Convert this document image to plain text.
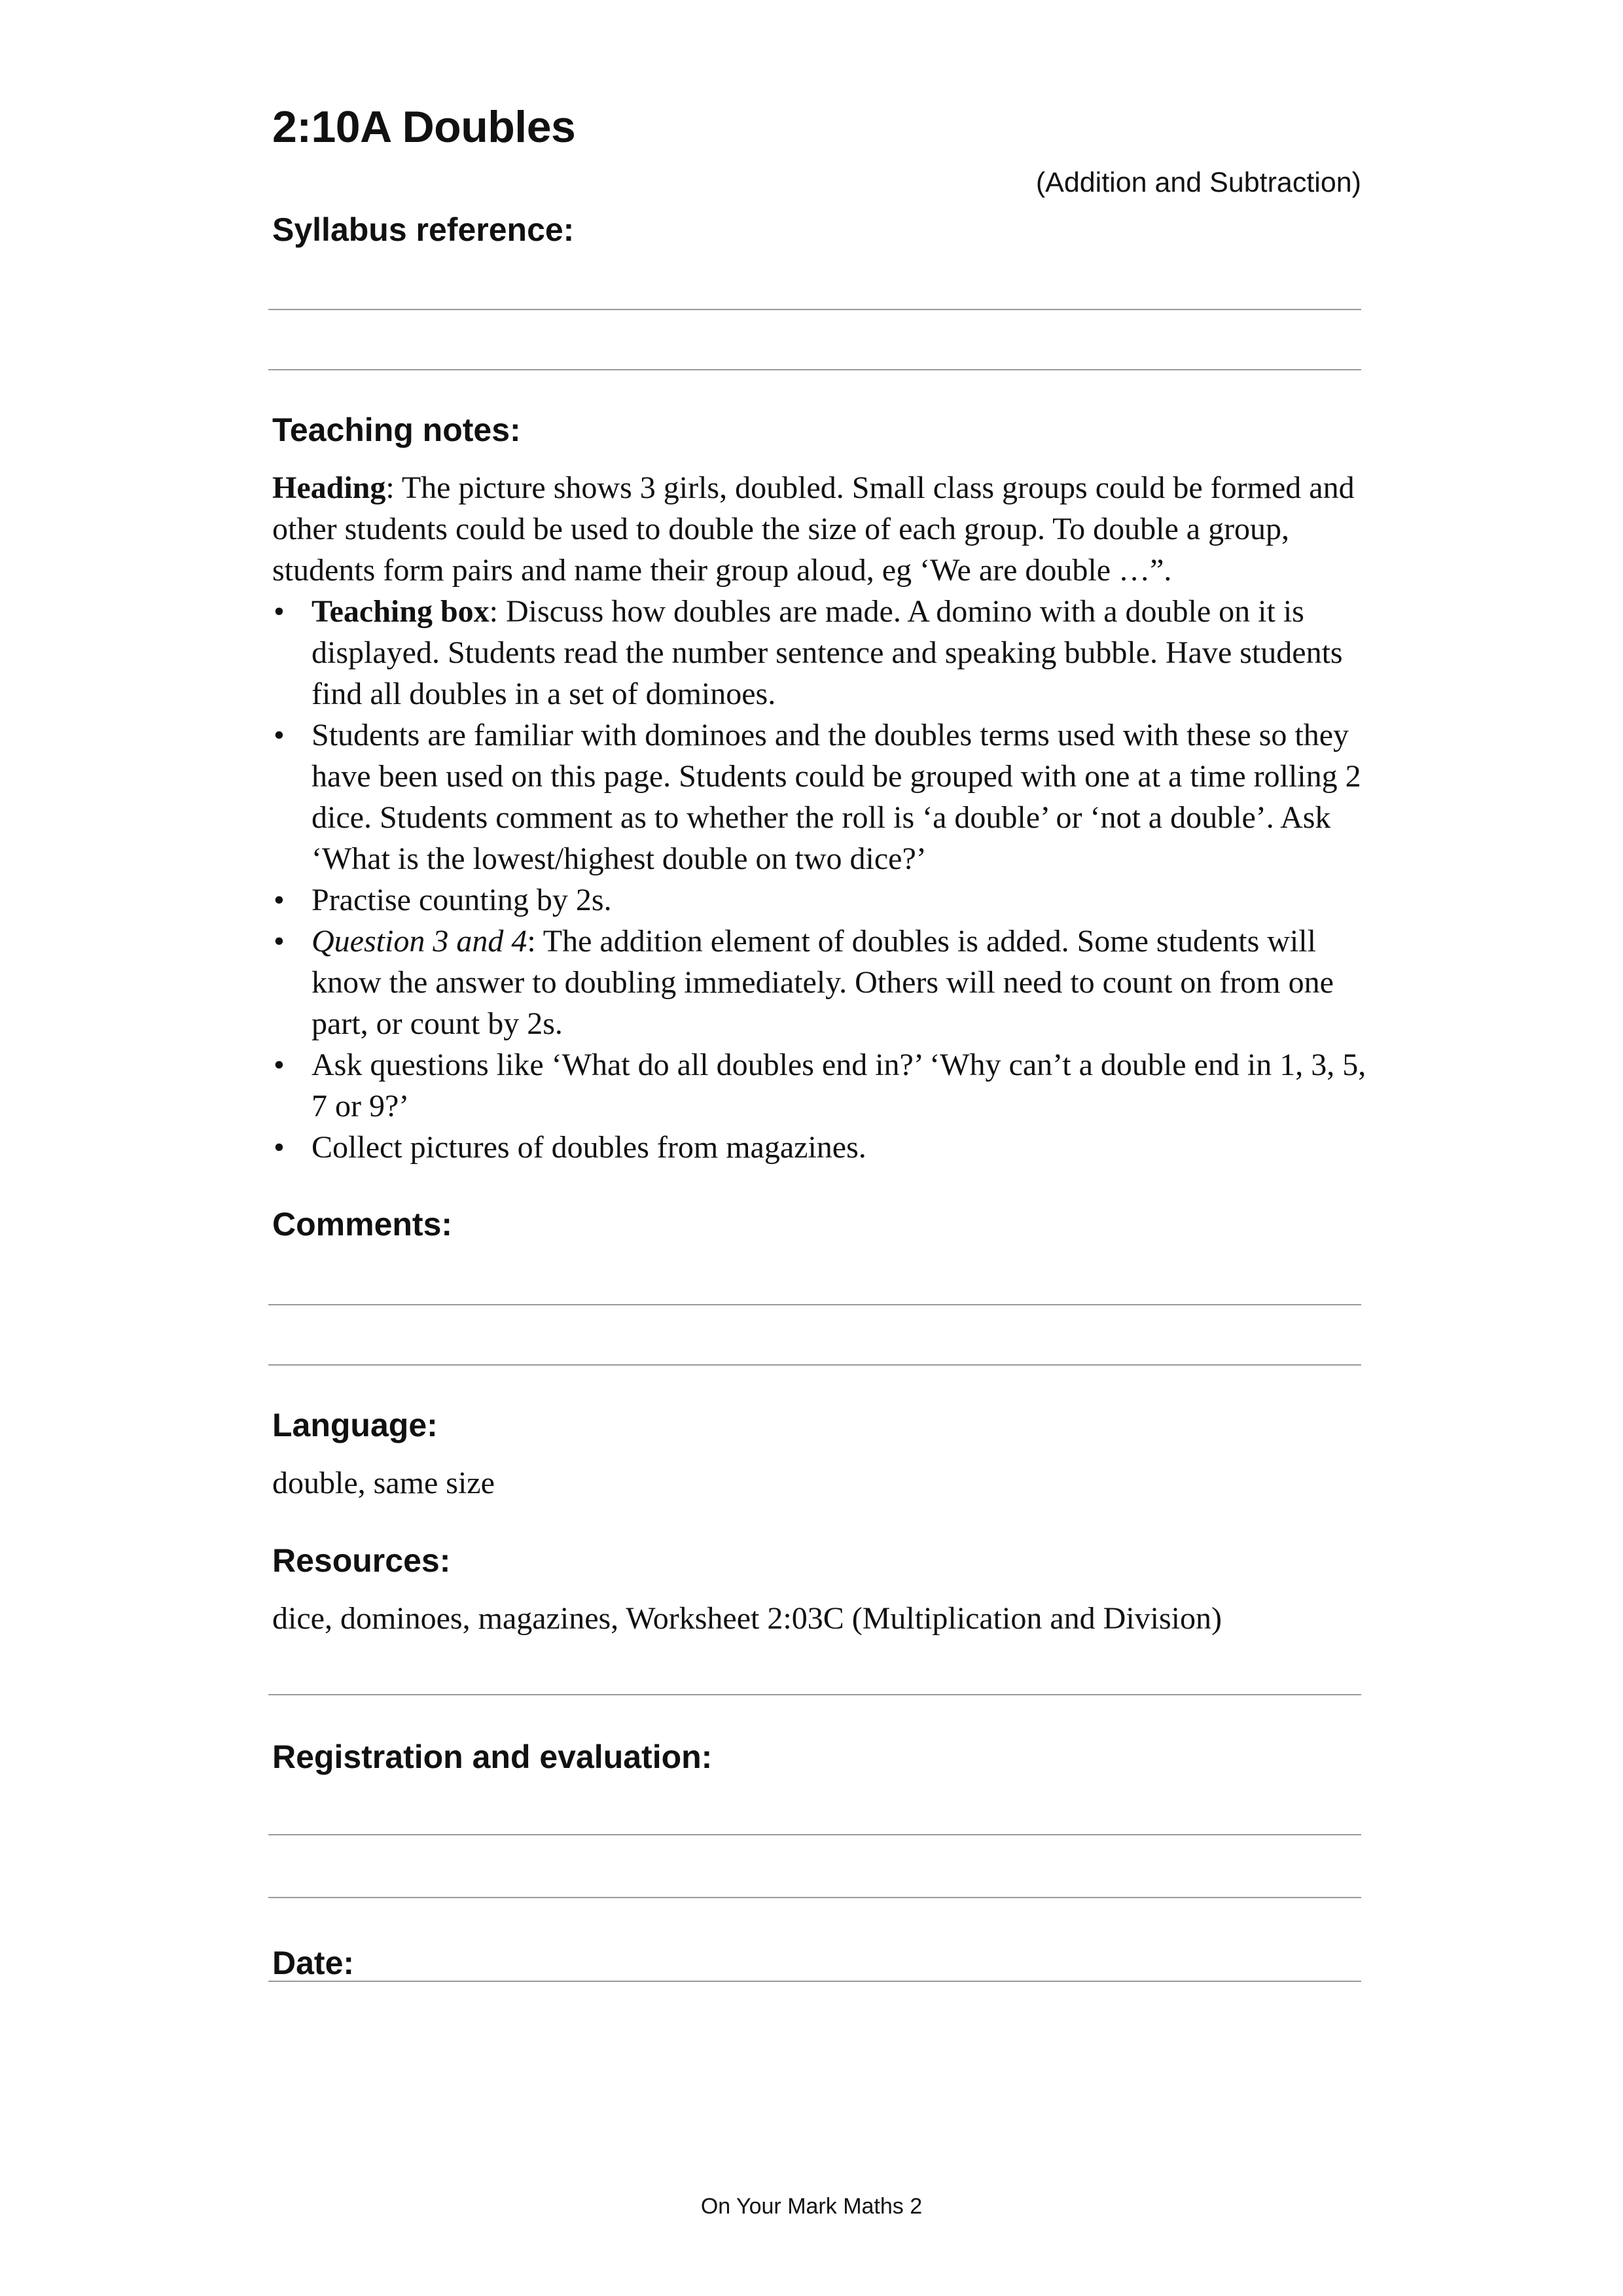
2:10A Doubles
(Addition and Subtraction)
Syllabus reference:
Teaching notes:

Heading: The picture shows 3 girls, doubled. Small class groups could be formed and other students could be used to double the size of each group. To double a group, students form pairs and name their group aloud, eg ‘We are double …”.

• Teaching box: Discuss how doubles are made. A domino with a double on it is displayed. Students read the number sentence and speaking bubble. Have students find all doubles in a set of dominoes.
• Students are familiar with dominoes and the doubles terms used with these so they have been used on this page. Students could be grouped with one at a time rolling 2 dice. Students comment as to whether the roll is ‘a double’ or ‘not a double’. Ask ‘What is the lowest/highest double on two dice?’
• Practise counting by 2s.
• Question 3 and 4: The addition element of doubles is added. Some students will know the answer to doubling immediately. Others will need to count on from one part, or count by 2s.
• Ask questions like ‘What do all doubles end in?’ ‘Why can’t a double end in 1, 3, 5, 7 or 9?’
• Collect pictures of doubles from magazines.
Comments:
Language:
double, same size
Resources:
dice, dominoes, magazines, Worksheet 2:03C (Multiplication and Division)
Registration and evaluation:
Date:
On Your Mark Maths 2
